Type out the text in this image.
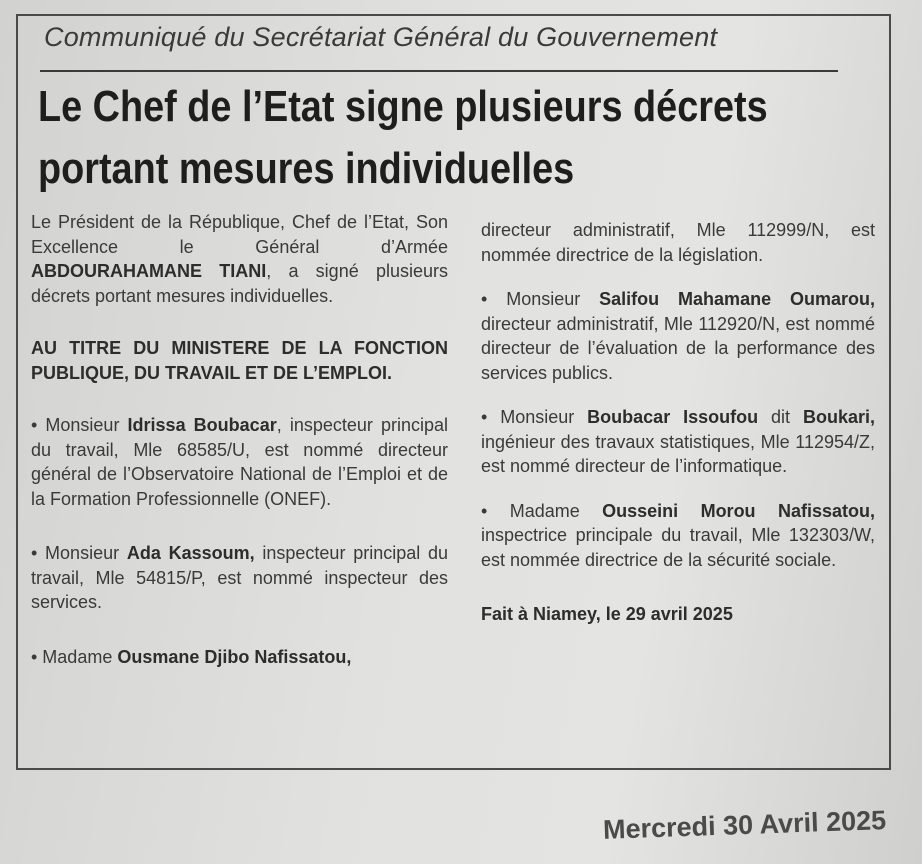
Communiqué du Secrétariat Général du Gouvernement
Le Chef de l’Etat signe plusieurs décrets
portant mesures individuelles

Le Président de la République, Chef de l’Etat, Son Excellence le Général d’Armée ABDOURAHAMANE TIANI, a signé plusieurs décrets portant mesures individuelles.

AU TITRE DU MINISTERE DE LA FONCTION PUBLIQUE, DU TRAVAIL ET DE L’EMPLOI.

• Monsieur Idrissa Boubacar, inspecteur principal du travail, Mle 68585/U, est nommé directeur général de l’Observatoire National de l’Emploi et de la Formation Professionnelle (ONEF).

• Monsieur Ada Kassoum, inspecteur principal du travail, Mle 54815/P, est nommé inspecteur des services.

• Madame Ousmane Djibo Nafissatou,

directeur administratif, Mle 112999/N, est nommée directrice de la législation.

• Monsieur Salifou Mahamane Oumarou, directeur administratif, Mle 112920/N, est nommé directeur de l’évaluation de la performance des services publics.

• Monsieur Boubacar Issoufou dit Boukari, ingénieur des travaux statistiques, Mle 112954/Z, est nommé directeur de l’informatique.

• Madame Ousseini Morou Nafissatou, inspectrice principale du travail, Mle 132303/W, est nommée directrice de la sécurité sociale.

Fait à Niamey, le 29 avril 2025

Mercredi 30 Avril 2025
